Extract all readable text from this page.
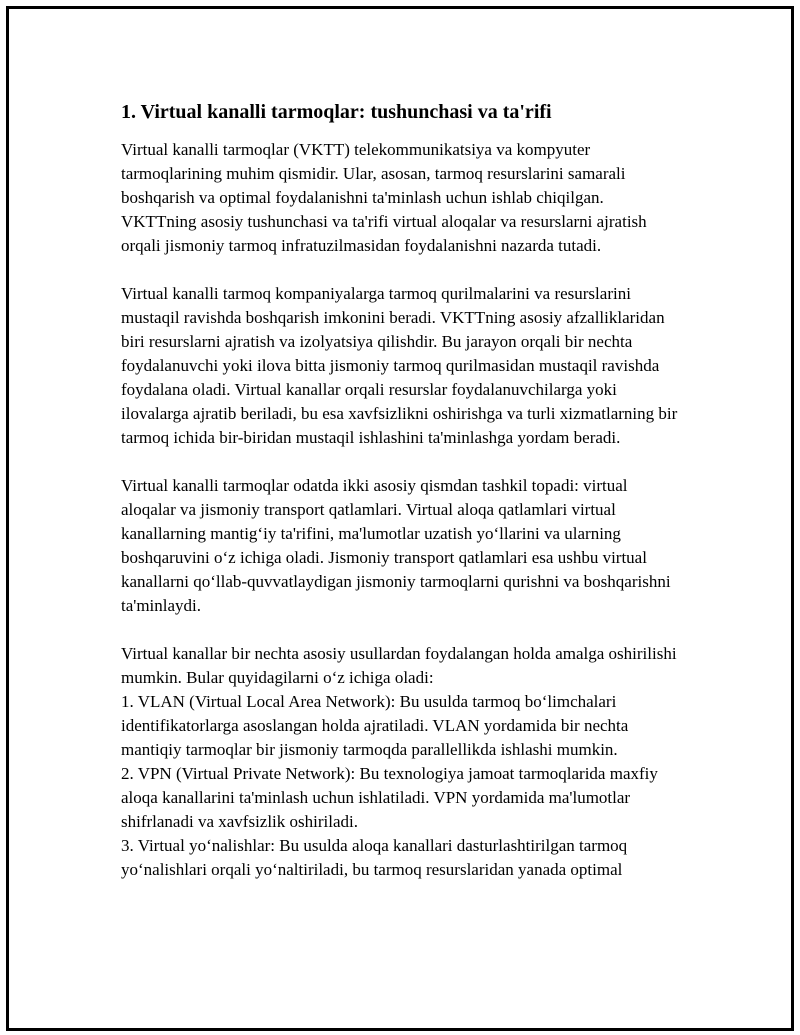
1. Virtual kanalli tarmoqlar: tushunchasi va ta'rifi

Virtual kanalli tarmoqlar (VKTT) telekommunikatsiya va kompyuter tarmoqlarining muhim qismidir. Ular, asosan, tarmoq resurslarini samarali boshqarish va optimal foydalanishni ta'minlash uchun ishlab chiqilgan. VKTTning asosiy tushunchasi va ta'rifi virtual aloqalar va resurslarni ajratish orqali jismoniy tarmoq infratuzilmasidan foydalanishni nazarda tutadi.

Virtual kanalli tarmoq kompaniyalarga tarmoq qurilmalarini va resurslarini mustaqil ravishda boshqarish imkonini beradi. VKTTning asosiy afzalliklaridan biri resurslarni ajratish va izolyatsiya qilishdir. Bu jarayon orqali bir nechta foydalanuvchi yoki ilova bitta jismoniy tarmoq qurilmasidan mustaqil ravishda foydalana oladi. Virtual kanallar orqali resurslar foydalanuvchilarga yoki ilovalarga ajratib beriladi, bu esa xavfsizlikni oshirishga va turli xizmatlarning bir tarmoq ichida bir-biridan mustaqil ishlashini ta'minlashga yordam beradi.

Virtual kanalli tarmoqlar odatda ikki asosiy qismdan tashkil topadi: virtual aloqalar va jismoniy transport qatlamlari. Virtual aloqa qatlamlari virtual kanallarning mantig‘iy ta'rifini, ma'lumotlar uzatish yo‘llarini va ularning boshqaruvini o‘z ichiga oladi. Jismoniy transport qatlamlari esa ushbu virtual kanallarni qo‘llab-quvvatlaydigan jismoniy tarmoqlarni qurishni va boshqarishni ta'minlaydi.

Virtual kanallar bir nechta asosiy usullardan foydalangan holda amalga oshirilishi mumkin. Bular quyidagilarni o‘z ichiga oladi:
1. VLAN (Virtual Local Area Network): Bu usulda tarmoq bo‘limchalari identifikatorlarga asoslangan holda ajratiladi. VLAN yordamida bir nechta mantiqiy tarmoqlar bir jismoniy tarmoqda parallellikda ishlashi mumkin.
2. VPN (Virtual Private Network): Bu texnologiya jamoat tarmoqlarida maxfiy aloqa kanallarini ta'minlash uchun ishlatiladi. VPN yordamida ma'lumotlar shifrlanadi va xavfsizlik oshiriladi.
3. Virtual yo‘nalishlar: Bu usulda aloqa kanallari dasturlashtirilgan tarmoq yo‘nalishlari orqali yo‘naltiriladi, bu tarmoq resurslaridan yanada optimal
